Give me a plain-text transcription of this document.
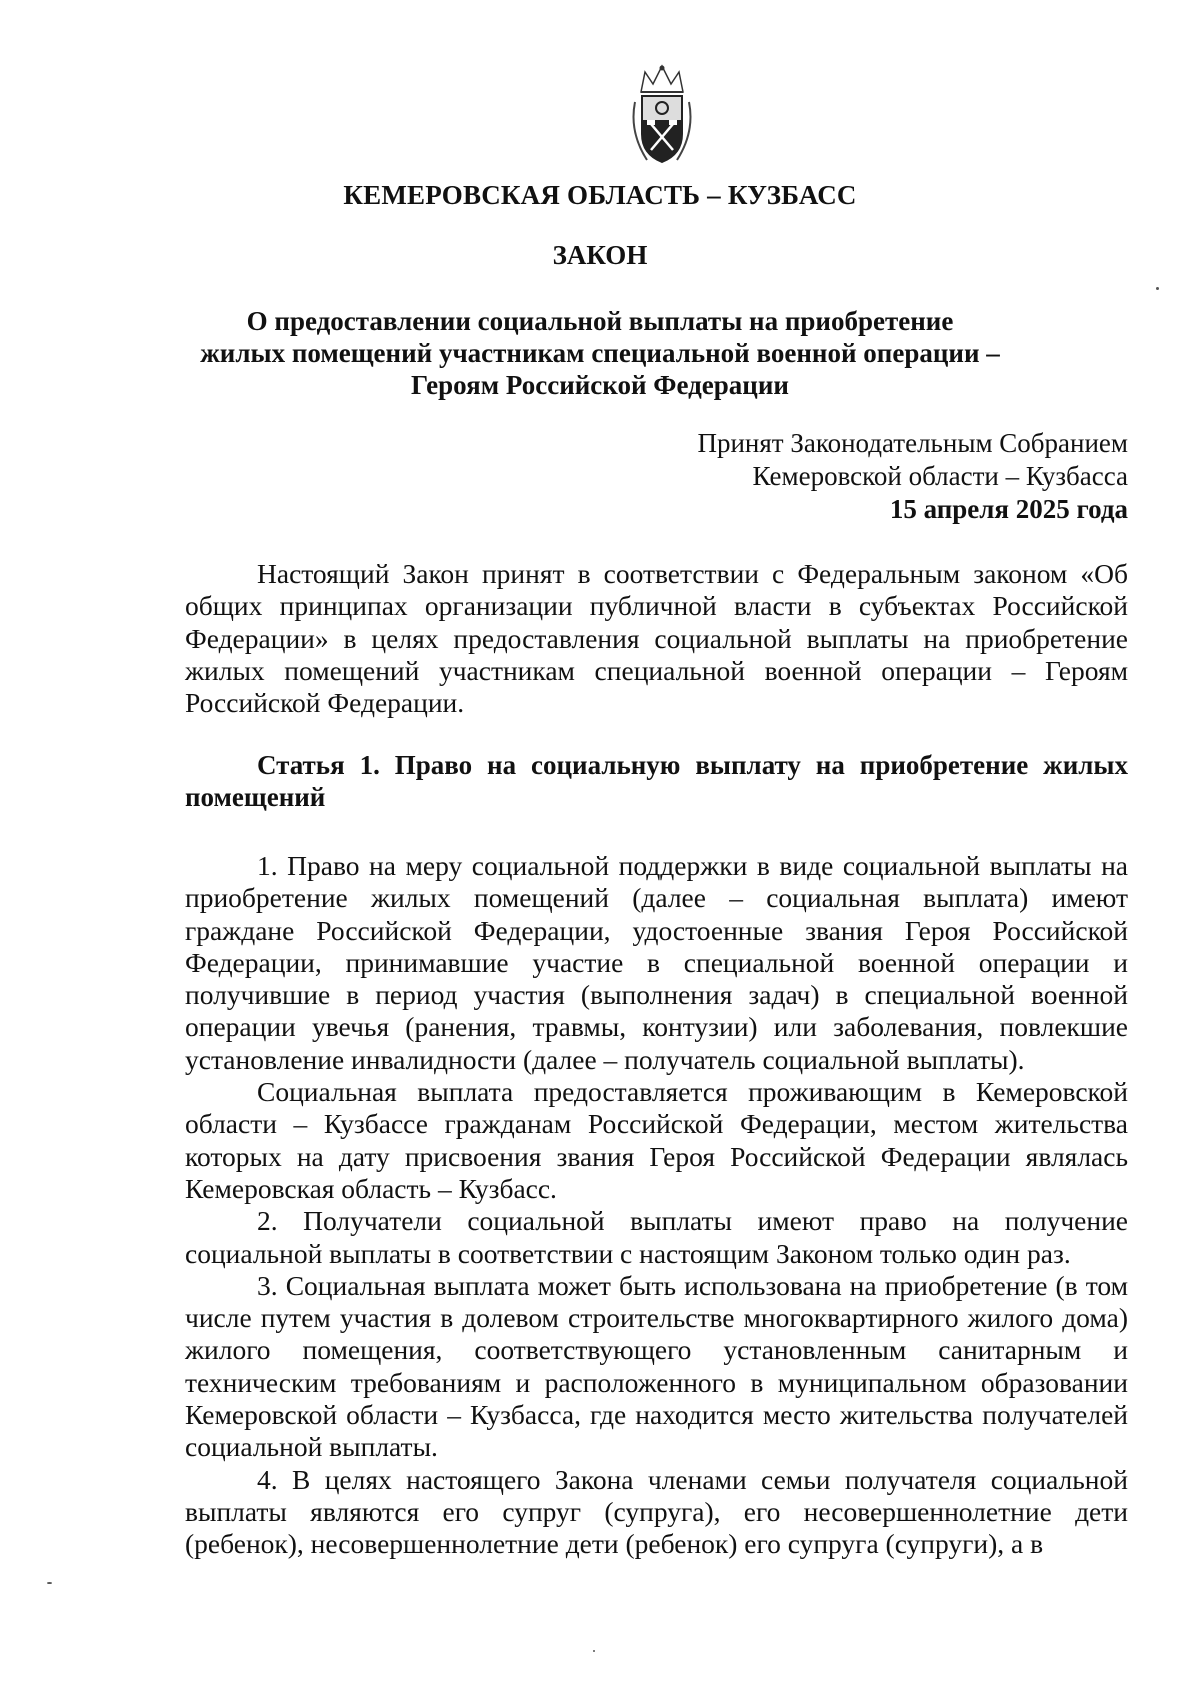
КЕМЕРОВСКАЯ ОБЛАСТЬ – КУЗБАСС
ЗАКОН
О предоставлении социальной выплаты на приобретение
жилых помещений участникам специальной военной операции –
Героям Российской Федерации
Принят Законодательным Собранием
Кемеровской области – Кузбасса
15 апреля 2025 года

Настоящий Закон принят в соответствии с Федеральным законом «Об общих принципах организации публичной власти в субъектах Российской Федерации» в целях предоставления социальной выплаты на приобретение жилых помещений участникам специальной военной операции – Героям Российской Федерации.

Статья 1. Право на социальную выплату на приобретение жилых помещений

1. Право на меру социальной поддержки в виде социальной выплаты на приобретение жилых помещений (далее – социальная выплата) имеют граждане Российской Федерации, удостоенные звания Героя Российской Федерации, принимавшие участие в специальной военной операции и получившие в период участия (выполнения задач) в специальной военной операции увечья (ранения, травмы, контузии) или заболевания, повлекшие установление инвалидности (далее – получатель социальной выплаты).

Социальная выплата предоставляется проживающим в Кемеровской области – Кузбассе гражданам Российской Федерации, местом жительства которых на дату присвоения звания Героя Российской Федерации являлась Кемеровская область – Кузбасс.

2. Получатели социальной выплаты имеют право на получение социальной выплаты в соответствии с настоящим Законом только один раз.

3. Социальная выплата может быть использована на приобретение (в том числе путем участия в долевом строительстве многоквартирного жилого дома) жилого помещения, соответствующего установленным санитарным и техническим требованиям и расположенного в муниципальном образовании Кемеровской области – Кузбасса, где находится место жительства получателей социальной выплаты.

4. В целях настоящего Закона членами семьи получателя социальной выплаты являются его супруг (супруга), его несовершеннолетние дети (ребенок), несовершеннолетние дети (ребенок) его супруга (супруги), а в
